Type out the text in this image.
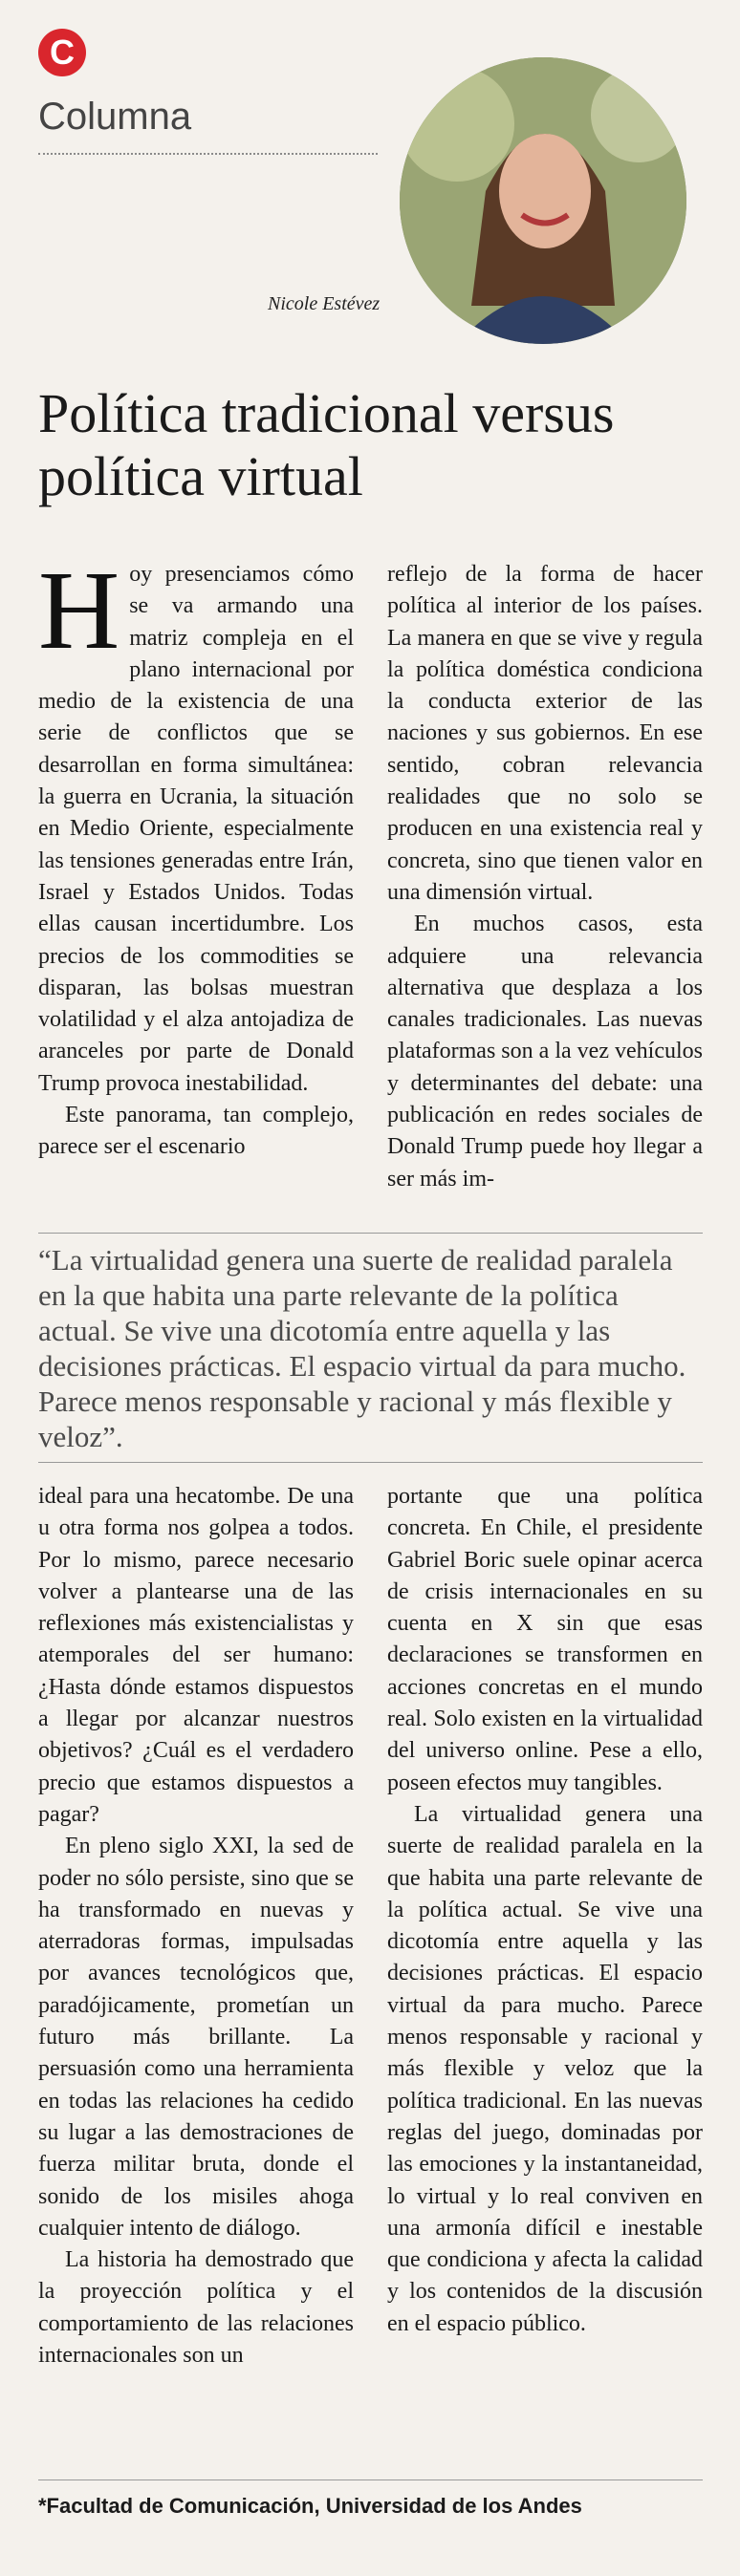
C
Columna
Nicole Estévez
Política tradicional versus política virtual

H oy presenciamos cómo se va armando una matriz compleja en el plano internacional por medio de la existencia de una serie de conflictos que se desarrollan en forma simultánea: la guerra en Ucrania, la situación en Medio Oriente, especialmente las tensiones generadas entre Irán, Israel y Estados Unidos. Todas ellas causan incertidumbre. Los precios de los commodities se disparan, las bolsas muestran volatilidad y el alza antojadiza de aranceles por parte de Donald Trump provoca inestabilidad.

Este panorama, tan complejo, parece ser el escenario

reflejo de la forma de hacer política al interior de los países. La manera en que se vive y regula la política doméstica condiciona la conducta exterior de las naciones y sus gobiernos. En ese sentido, cobran relevancia realidades que no solo se producen en una existencia real y concreta, sino que tienen valor en una dimensión virtual.

En muchos casos, esta adquiere una relevancia alternativa que desplaza a los canales tradicionales. Las nuevas plataformas son a la vez vehículos y determinantes del debate: una publicación en redes sociales de Donald Trump puede hoy llegar a ser más im-

“La virtualidad genera una suerte de realidad paralela en la que habita una parte relevante de la política actual. Se vive una dicotomía entre aquella y las decisiones prácticas. El espacio virtual da para mucho. Parece menos responsable y racional y más flexible y veloz”.

ideal para una hecatombe. De una u otra forma nos golpea a todos. Por lo mismo, parece necesario volver a plantearse una de las reflexiones más existencialistas y atemporales del ser humano: ¿Hasta dónde estamos dispuestos a llegar por alcanzar nuestros objetivos? ¿Cuál es el verdadero precio que estamos dispuestos a pagar?

En pleno siglo XXI, la sed de poder no sólo persiste, sino que se ha transformado en nuevas y aterradoras formas, impulsadas por avances tecnológicos que, paradójicamente, prometían un futuro más brillante. La persuasión como una herramienta en todas las relaciones ha cedido su lugar a las demostraciones de fuerza militar bruta, donde el sonido de los misiles ahoga cualquier intento de diálogo.

La historia ha demostrado que la proyección política y el comportamiento de las relaciones internacionales son un

portante que una política concreta. En Chile, el presidente Gabriel Boric suele opinar acerca de crisis internacionales en su cuenta en X sin que esas declaraciones se transformen en acciones concretas en el mundo real. Solo existen en la virtualidad del universo online. Pese a ello, poseen efectos muy tangibles.

La virtualidad genera una suerte de realidad paralela en la que habita una parte relevante de la política actual. Se vive una dicotomía entre aquella y las decisiones prácticas. El espacio virtual da para mucho. Parece menos responsable y racional y más flexible y veloz que la política tradicional. En las nuevas reglas del juego, dominadas por las emociones y la instantaneidad, lo virtual y lo real conviven en una armonía difícil e inestable que condiciona y afecta la calidad y los contenidos de la discusión en el espacio público.

*Facultad de Comunicación, Universidad de los Andes
